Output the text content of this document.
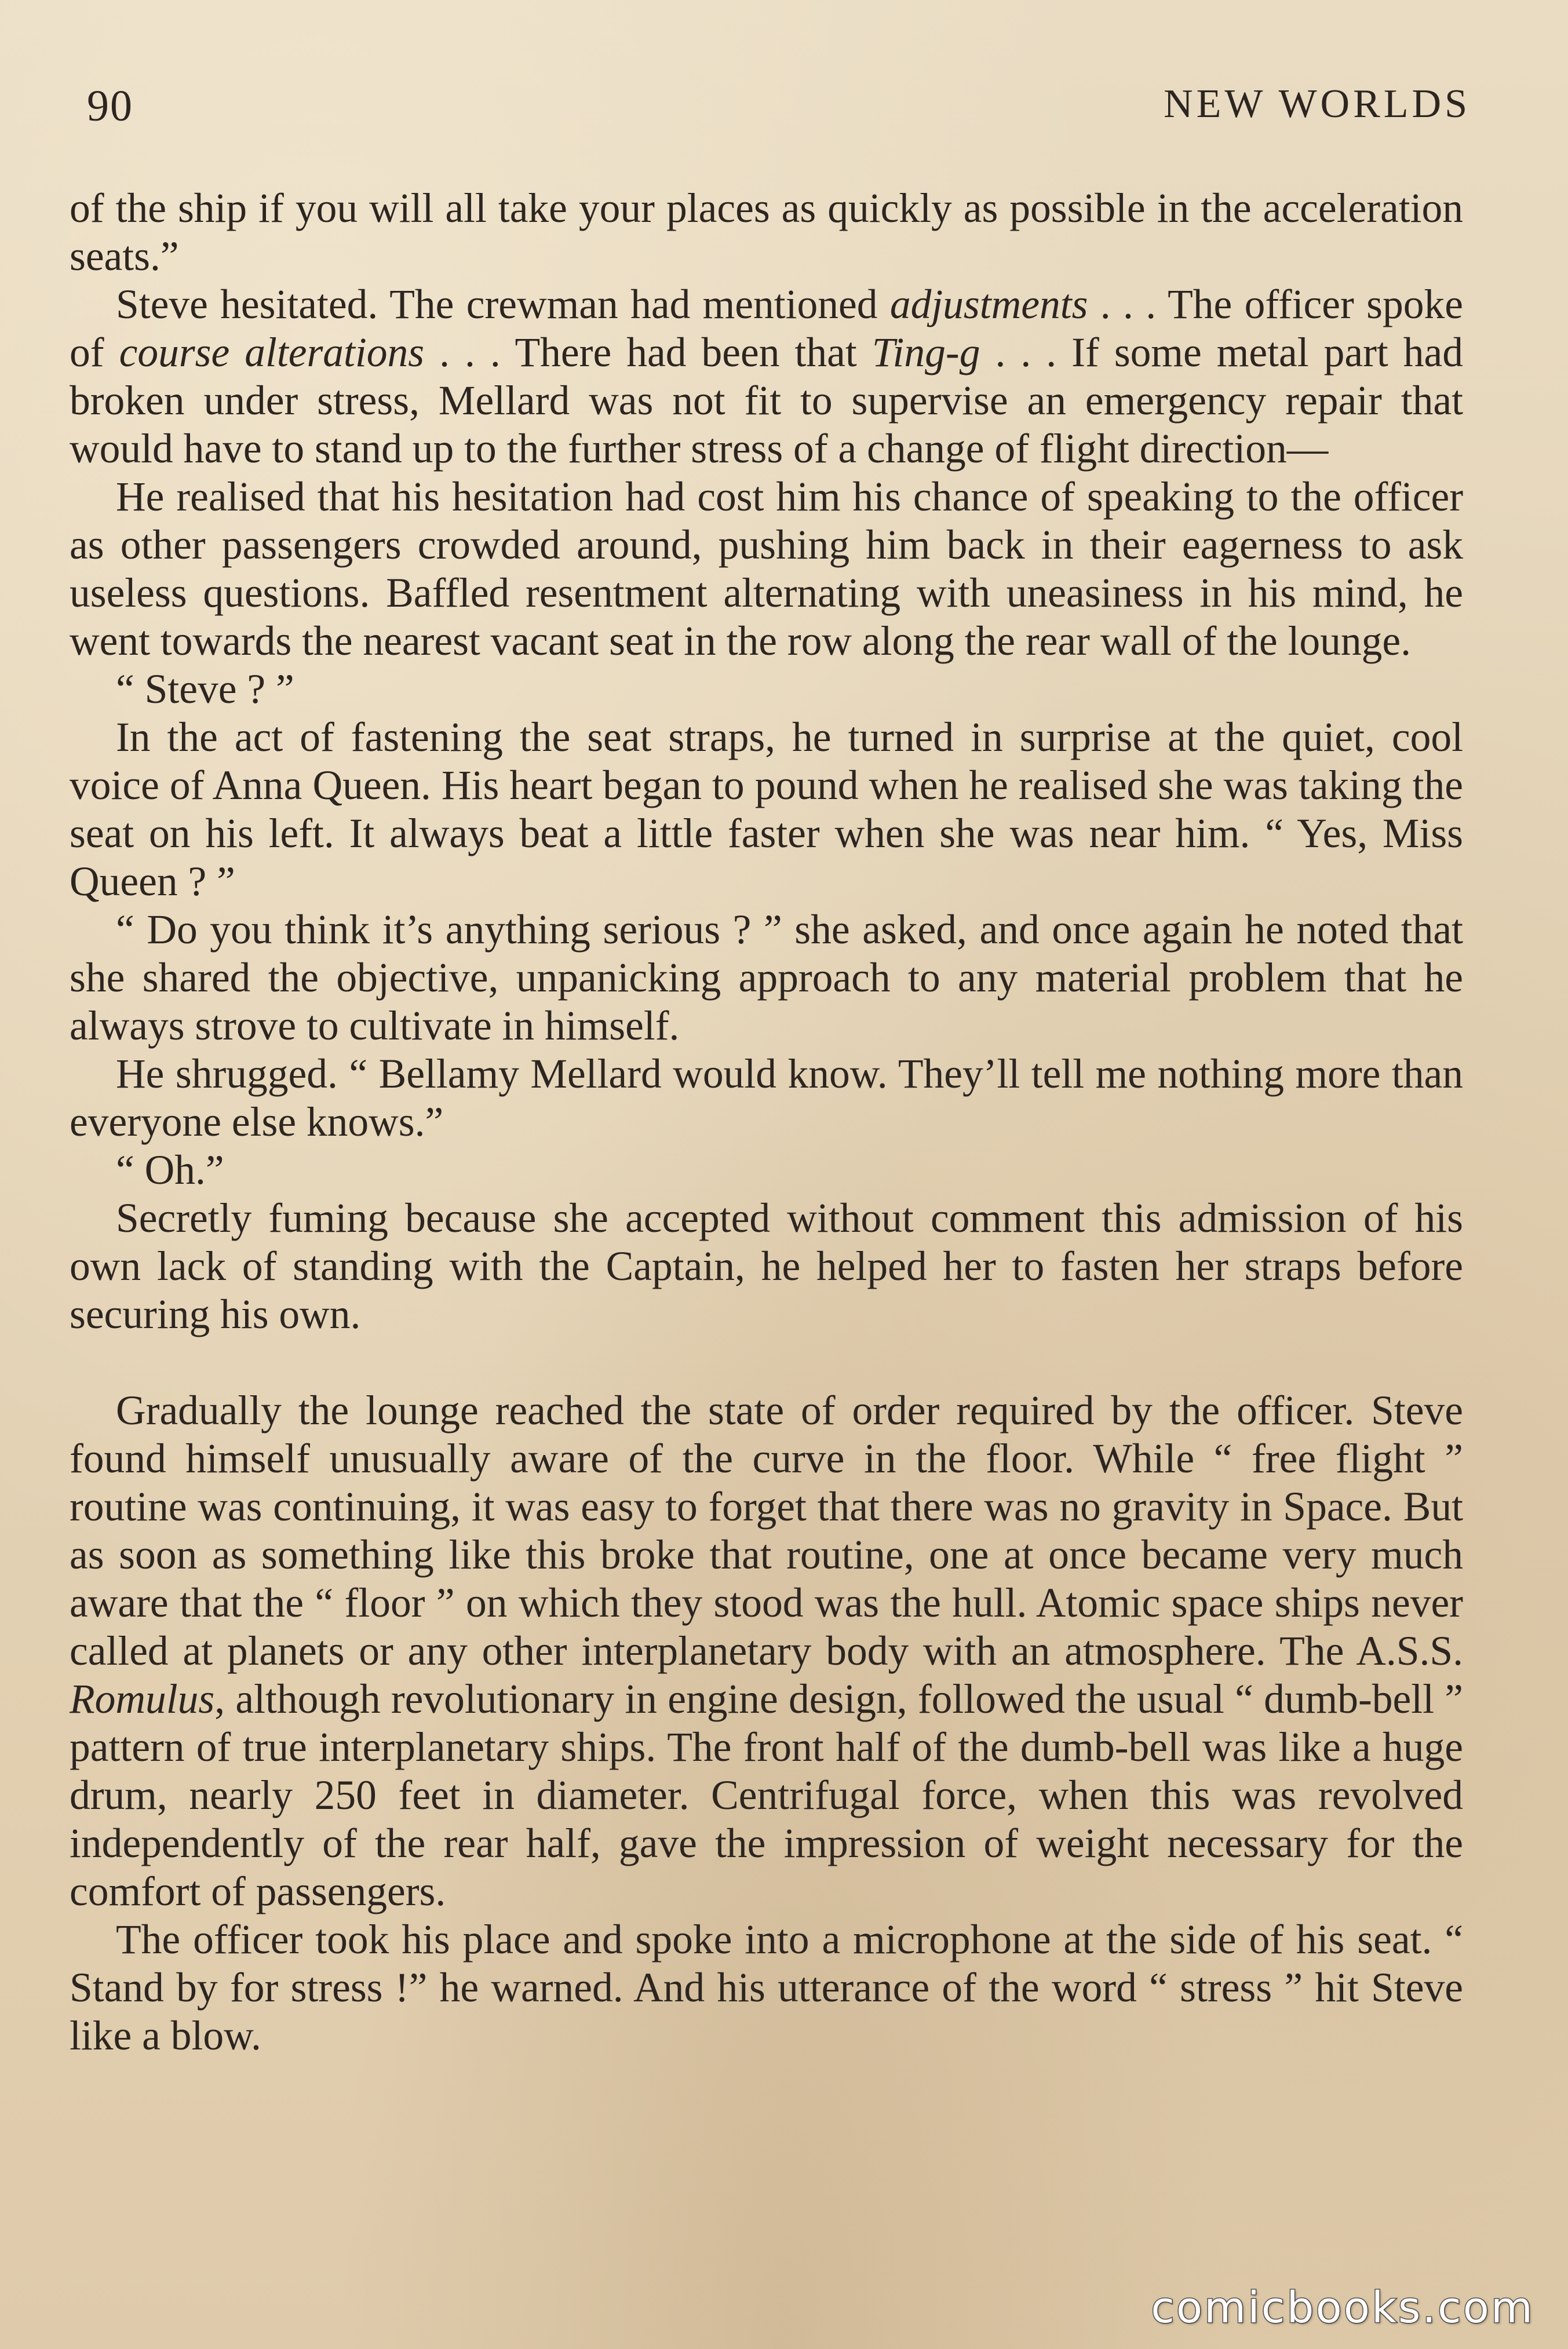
90	NEW WORLDS

of the ship if you will all take your places as quickly as possible in the acceleration seats.”

Steve hesitated. The crewman had mentioned adjustments . . . The officer spoke of course alterations . . . There had been that Ting-g . . . If some metal part had broken under stress, Mellard was not fit to supervise an emergency repair that would have to stand up to the further stress of a change of flight direction—

He realised that his hesitation had cost him his chance of speaking to the officer as other passengers crowded around, pushing him back in their eagerness to ask useless questions. Baffled resentment alternating with uneasiness in his mind, he went towards the nearest vacant seat in the row along the rear wall of the lounge.

“ Steve ? ”

In the act of fastening the seat straps, he turned in surprise at the quiet, cool voice of Anna Queen. His heart began to pound when he realised she was taking the seat on his left. It always beat a little faster when she was near him. “ Yes, Miss Queen ? ”

“ Do you think it’s anything serious ? ” she asked, and once again he noted that she shared the objective, unpanicking approach to any material problem that he always strove to cultivate in himself.

He shrugged. “ Bellamy Mellard would know. They’ll tell me nothing more than everyone else knows.”

“ Oh.”

Secretly fuming because she accepted without comment this admission of his own lack of standing with the Captain, he helped her to fasten her straps before securing his own.

Gradually the lounge reached the state of order required by the officer. Steve found himself unusually aware of the curve in the floor. While “ free flight ” routine was continuing, it was easy to forget that there was no gravity in Space. But as soon as something like this broke that routine, one at once became very much aware that the “ floor ” on which they stood was the hull. Atomic space ships never called at planets or any other interplanetary body with an atmosphere. The A.S.S. Romulus, although revolutionary in engine design, followed the usual “ dumb-bell ” pattern of true interplanetary ships. The front half of the dumb-bell was like a huge drum, nearly 250 feet in diameter. Centrifugal force, when this was revolved independently of the rear half, gave the impression of weight necessary for the comfort of passengers.

The officer took his place and spoke into a microphone at the side of his seat. “ Stand by for stress !” he warned. And his utterance of the word “ stress ” hit Steve like a blow.

comicbooks.com
